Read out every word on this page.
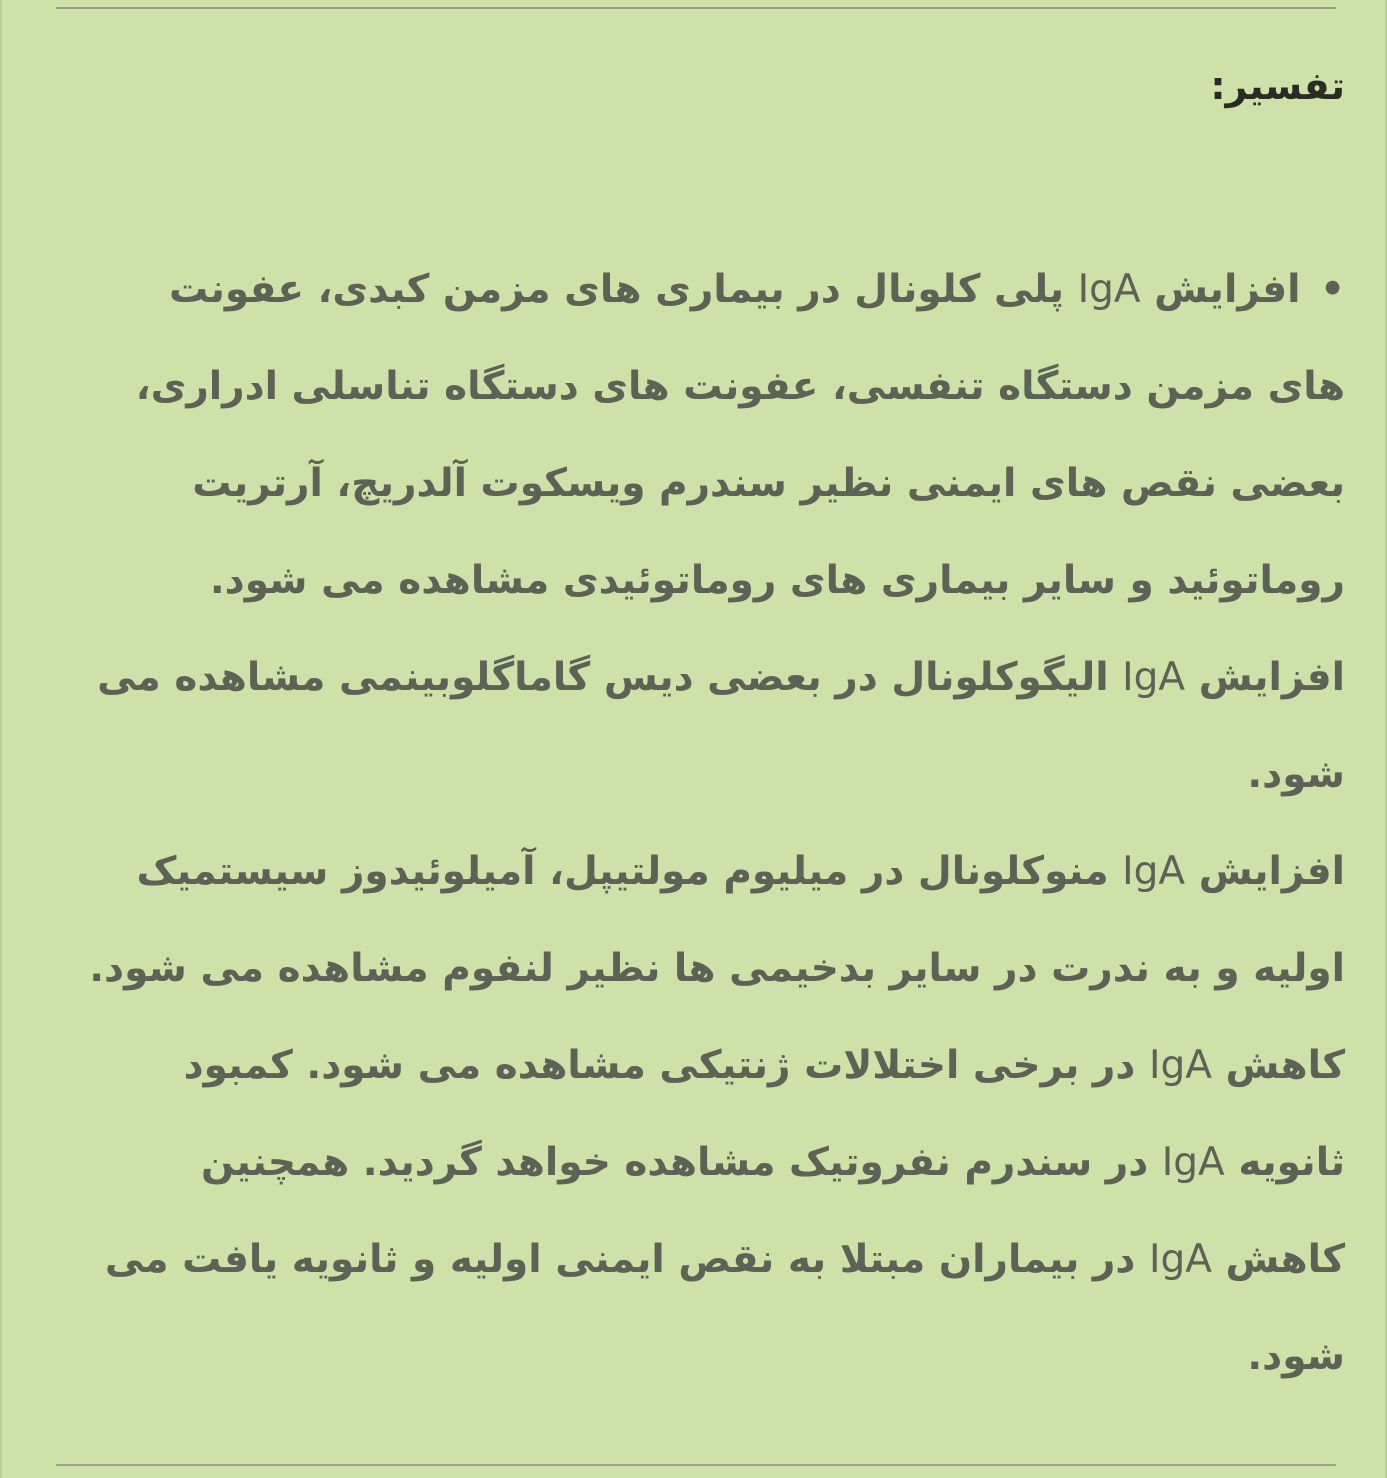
تفسیر:

• افزایش IgA پلی کلونال در بیماری های مزمن کبدی، عفونت های مزمن دستگاه تنفسی، عفونت های دستگاه تناسلی ادراری، بعضی نقص های ایمنی نظیر سندرم ویسکوت آلدریچ، آرتریت روماتوئید و سایر بیماری های روماتوئیدی مشاهده می شود.

افزایش IgA الیگوکلونال در بعضی دیس گاماگلوبینمی مشاهده می شود.

افزایش IgA منوکلونال در میلیوم مولتیپل، آمیلوئیدوز سیستمیک اولیه و به ندرت در سایر بدخیمی ها نظیر لنفوم مشاهده می شود.

کاهش IgA در برخی اختلالات ژنتیکی مشاهده می شود. کمبود ثانویه IgA در سندرم نفروتیک مشاهده خواهد گردید. همچنین کاهش IgA در بیماران مبتلا به نقص ایمنی اولیه و ثانویه یافت می شود.
